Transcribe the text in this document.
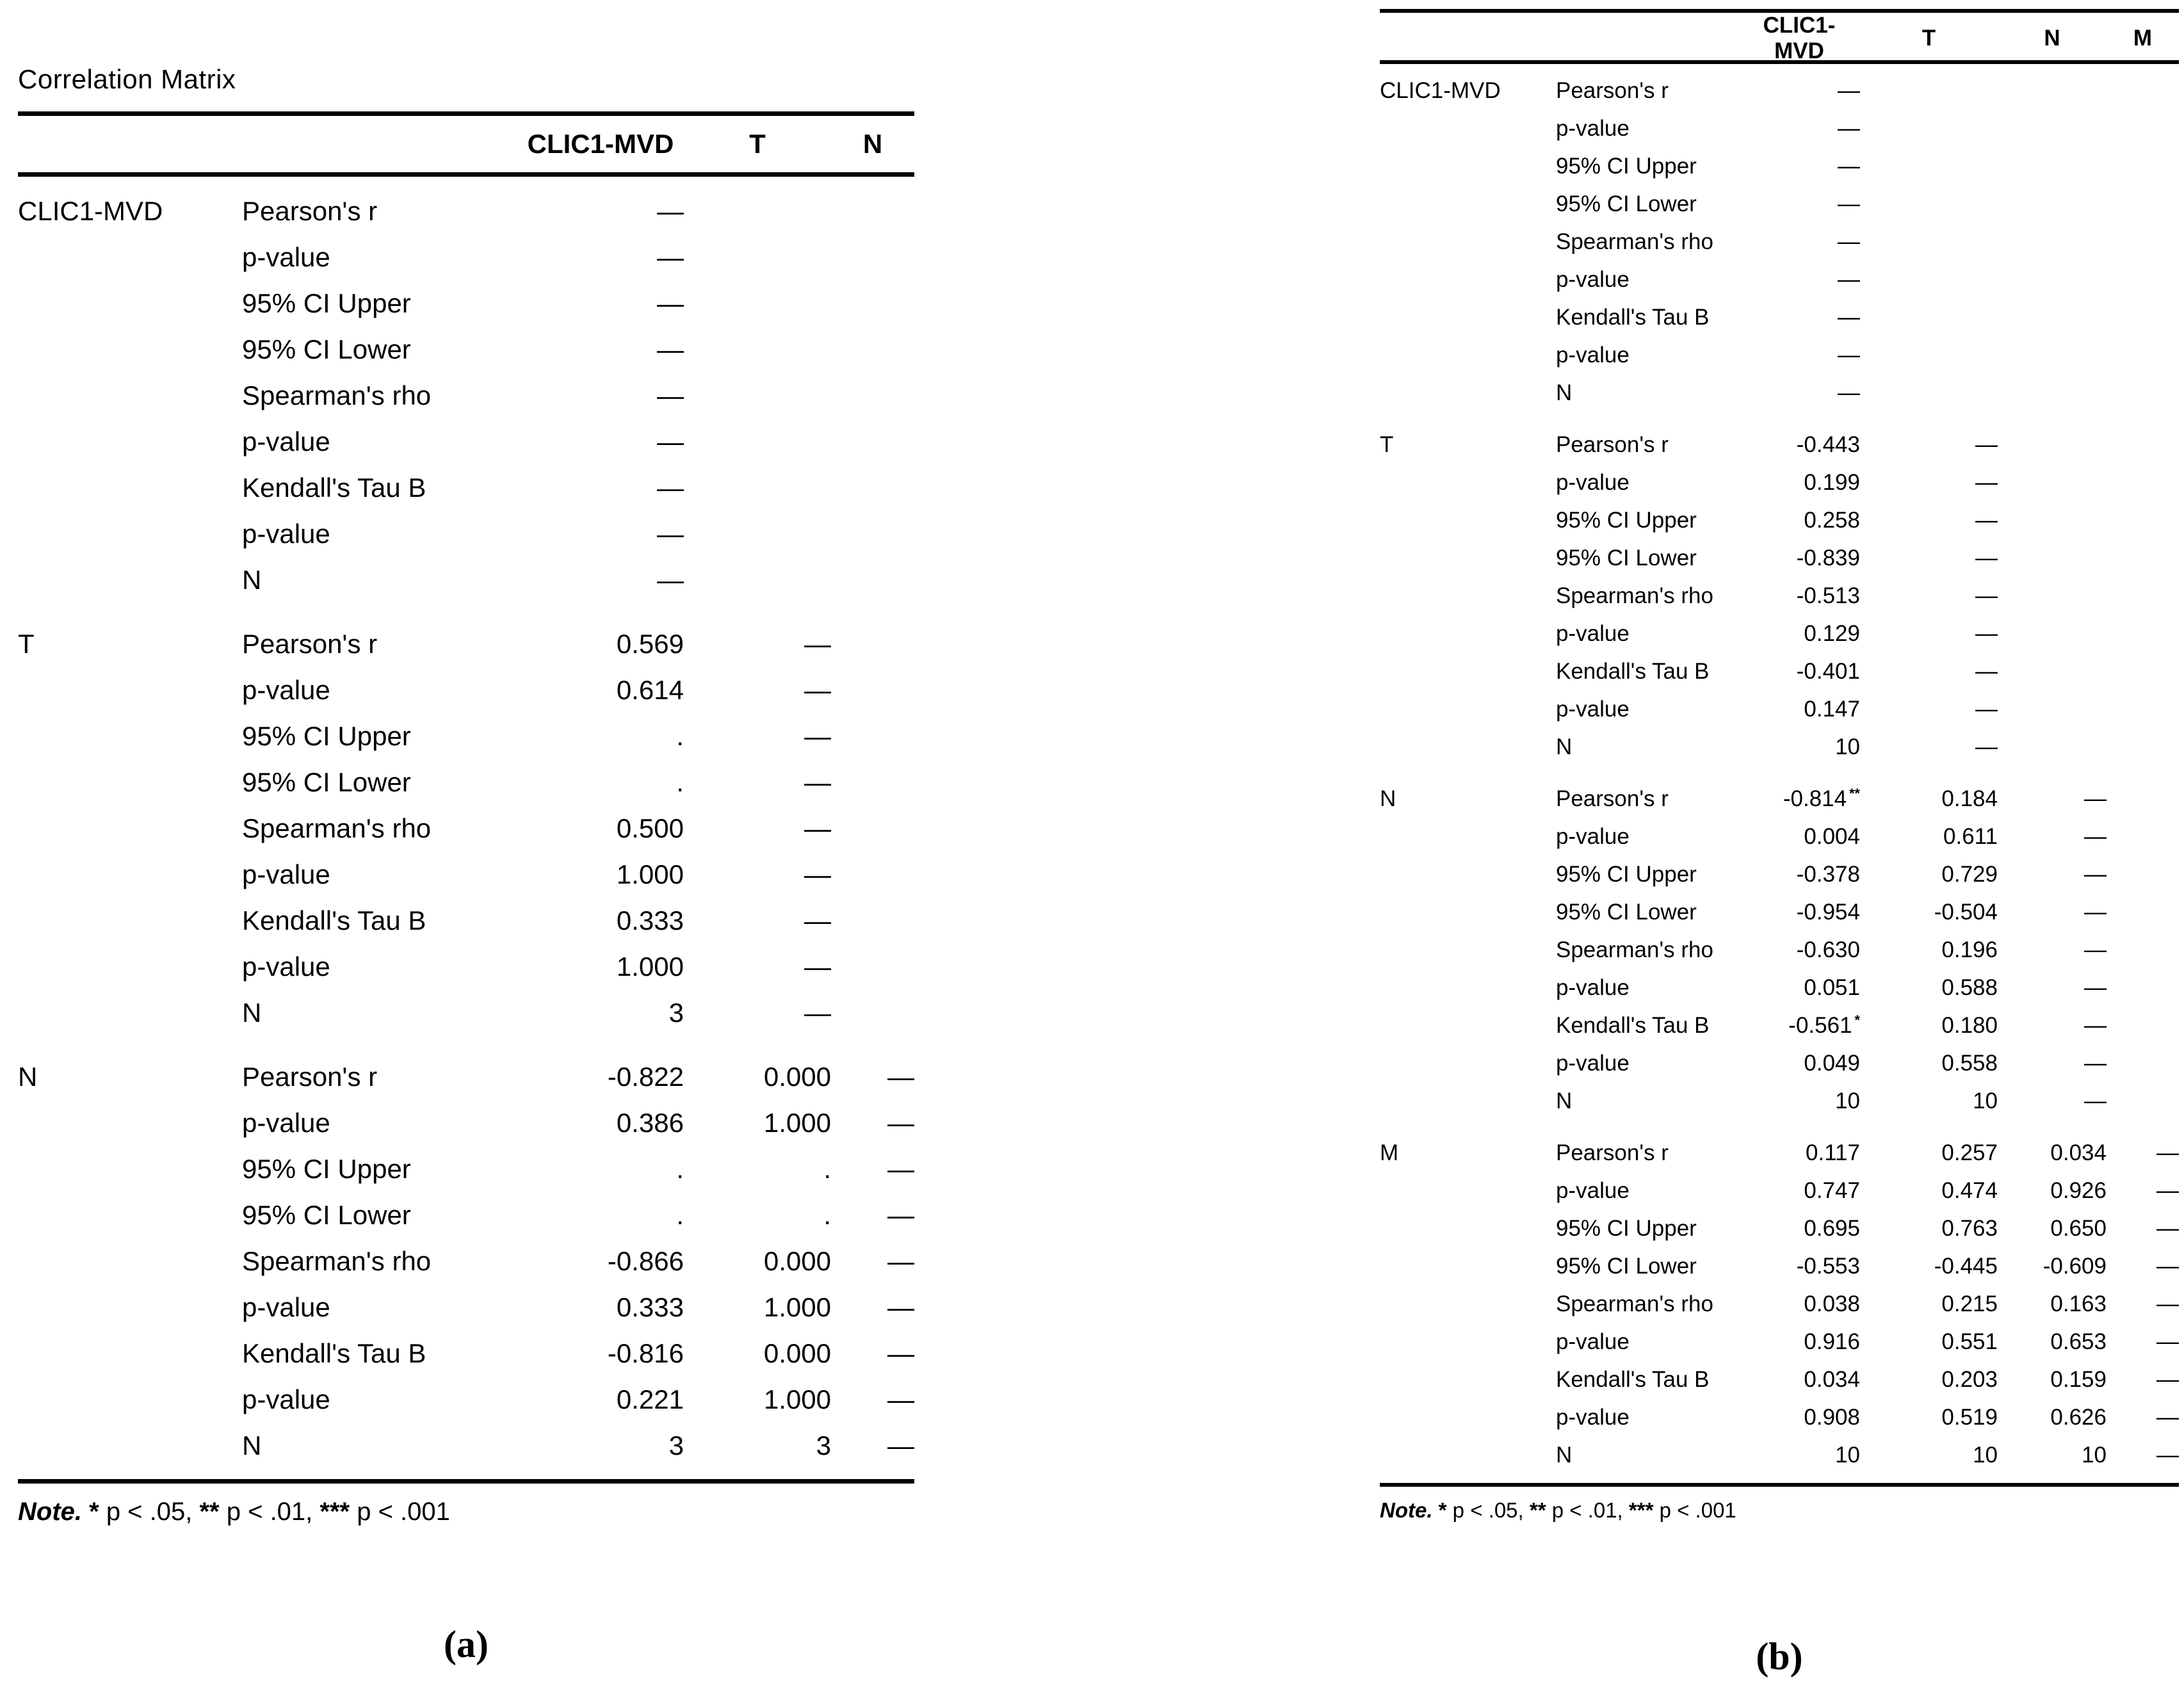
Correlation Matrix
CLIC1-MVD	T	N
CLIC1-MVD	Pearson's r	—
p-value	—
95% CI Upper	—
95% CI Lower	—
Spearman's rho	—
p-value	—
Kendall's Tau B	—
p-value	—
N	—
T	Pearson's r	0.569	—
p-value	0.614	—
95% CI Upper	.	—
95% CI Lower	.	—
Spearman's rho	0.500	—
p-value	1.000	—
Kendall's Tau B	0.333	—
p-value	1.000	—
N	3	—
N	Pearson's r	-0.822	0.000	—
p-value	0.386	1.000	—
95% CI Upper	.	.	—
95% CI Lower	.	.	—
Spearman's rho	-0.866	0.000	—
p-value	0.333	1.000	—
Kendall's Tau B	-0.816	0.000	—
p-value	0.221	1.000	—
N	3	3	—
Note. * p < .05, ** p < .01, *** p < .001
(a)
CLIC1-MVD
T	N	M
CLIC1-MVD	Pearson's r	—
p-value	—
95% CI Upper	—
95% CI Lower	—
Spearman's rho	—
p-value	—
Kendall's Tau B	—
p-value	—
N	—
T	Pearson's r	-0.443	—
p-value	0.199	—
95% CI Upper	0.258	—
95% CI Lower	-0.839	—
Spearman's rho	-0.513	—
p-value	0.129	—
Kendall's Tau B	-0.401	—
p-value	0.147	—
N	10	—
N	Pearson's r	-0.814 **	0.184	—
p-value	0.004	0.611	—
95% CI Upper	-0.378	0.729	—
95% CI Lower	-0.954	-0.504	—
Spearman's rho	-0.630	0.196	—
p-value	0.051	0.588	—
Kendall's Tau B	-0.561 *	0.180	—
p-value	0.049	0.558	—
N	10	10	—
M	Pearson's r	0.117	0.257	0.034	—
p-value	0.747	0.474	0.926	—
95% CI Upper	0.695	0.763	0.650	—
95% CI Lower	-0.553	-0.445	-0.609	—
Spearman's rho	0.038	0.215	0.163	—
p-value	0.916	0.551	0.653	—
Kendall's Tau B	0.034	0.203	0.159	—
p-value	0.908	0.519	0.626	—
N	10	10	10	—
Note. * p < .05, ** p < .01, *** p < .001
(b)
